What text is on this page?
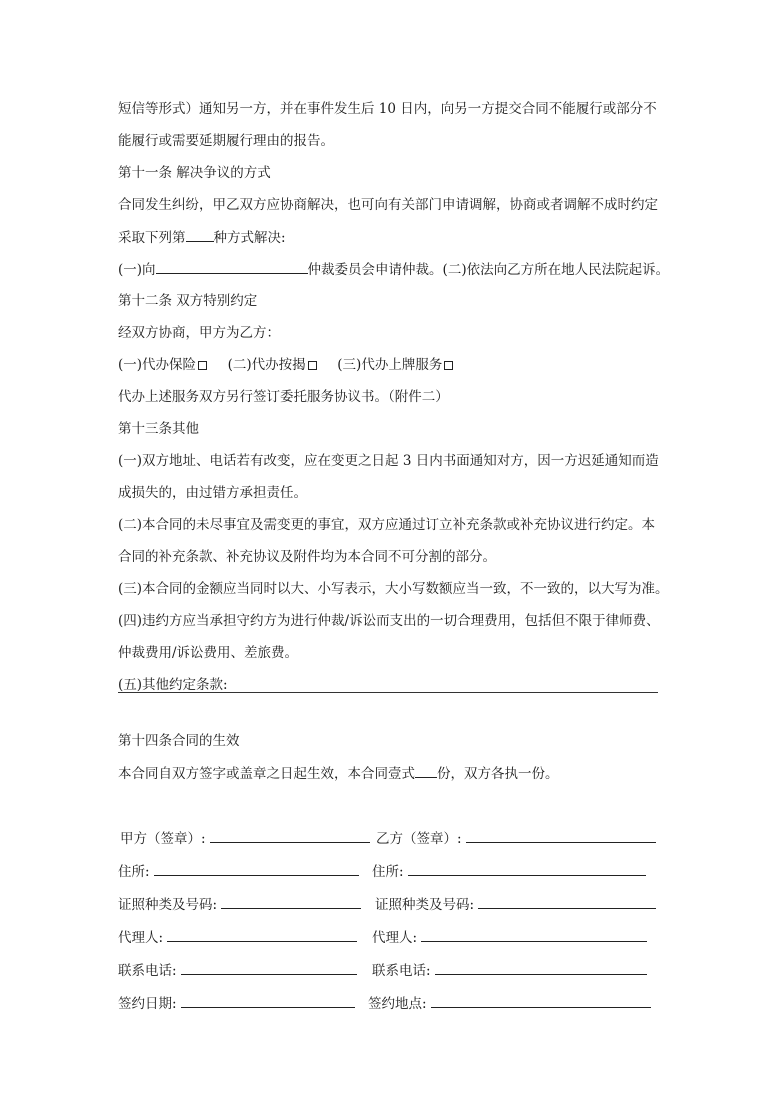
短信等形式）通知另一方，并在事件发生后 10 日内，向另一方提交合同不能履行或部分不
能履行或需要延期履行理由的报告。
第十一条 解决争议的方式
合同发生纠纷，甲乙双方应协商解决，也可向有关部门申请调解，协商或者调解不成时约定
采取下列第 种方式解决:
(一)向	仲裁委员会申请仲裁。(二)依法向乙方所在地人民法院起诉。
第十二条 双方特别约定
经双方协商，甲方为乙方：
(一)代办保险 (二)代办按揭 (三)代办上牌服务
代办上述服务双方另行签订委托服务协议书。（附件二）
第十三条其他
(一)双方地址、电话若有改变，应在变更之日起 3 日内书面通知对方，因一方迟延通知而造
成损失的，由过错方承担责任。
(二)本合同的未尽事宜及需变更的事宜，双方应通过订立补充条款或补充协议进行约定。本
合同的补充条款、补充协议及附件均为本合同不可分割的部分。
(三)本合同的金额应当同时以大、小写表示，大小写数额应当一致，不一致的，以大写为准。
(四)违约方应当承担守约方为进行仲裁/诉讼而支出的一切合理费用，包括但不限于律师费、
仲裁费用/诉讼费用、差旅费。
(五)其他约定条款:
第十四条合同的生效
本合同自双方签字或盖章之日起生效，本合同壹式 份，双方各执一份。
甲方（签章）:	乙方（签章）:
住所:	住所:
证照种类及号码:	证照种类及号码:
代理人:	代理人:
联系电话:	联系电话:
签约日期:	签约地点:
